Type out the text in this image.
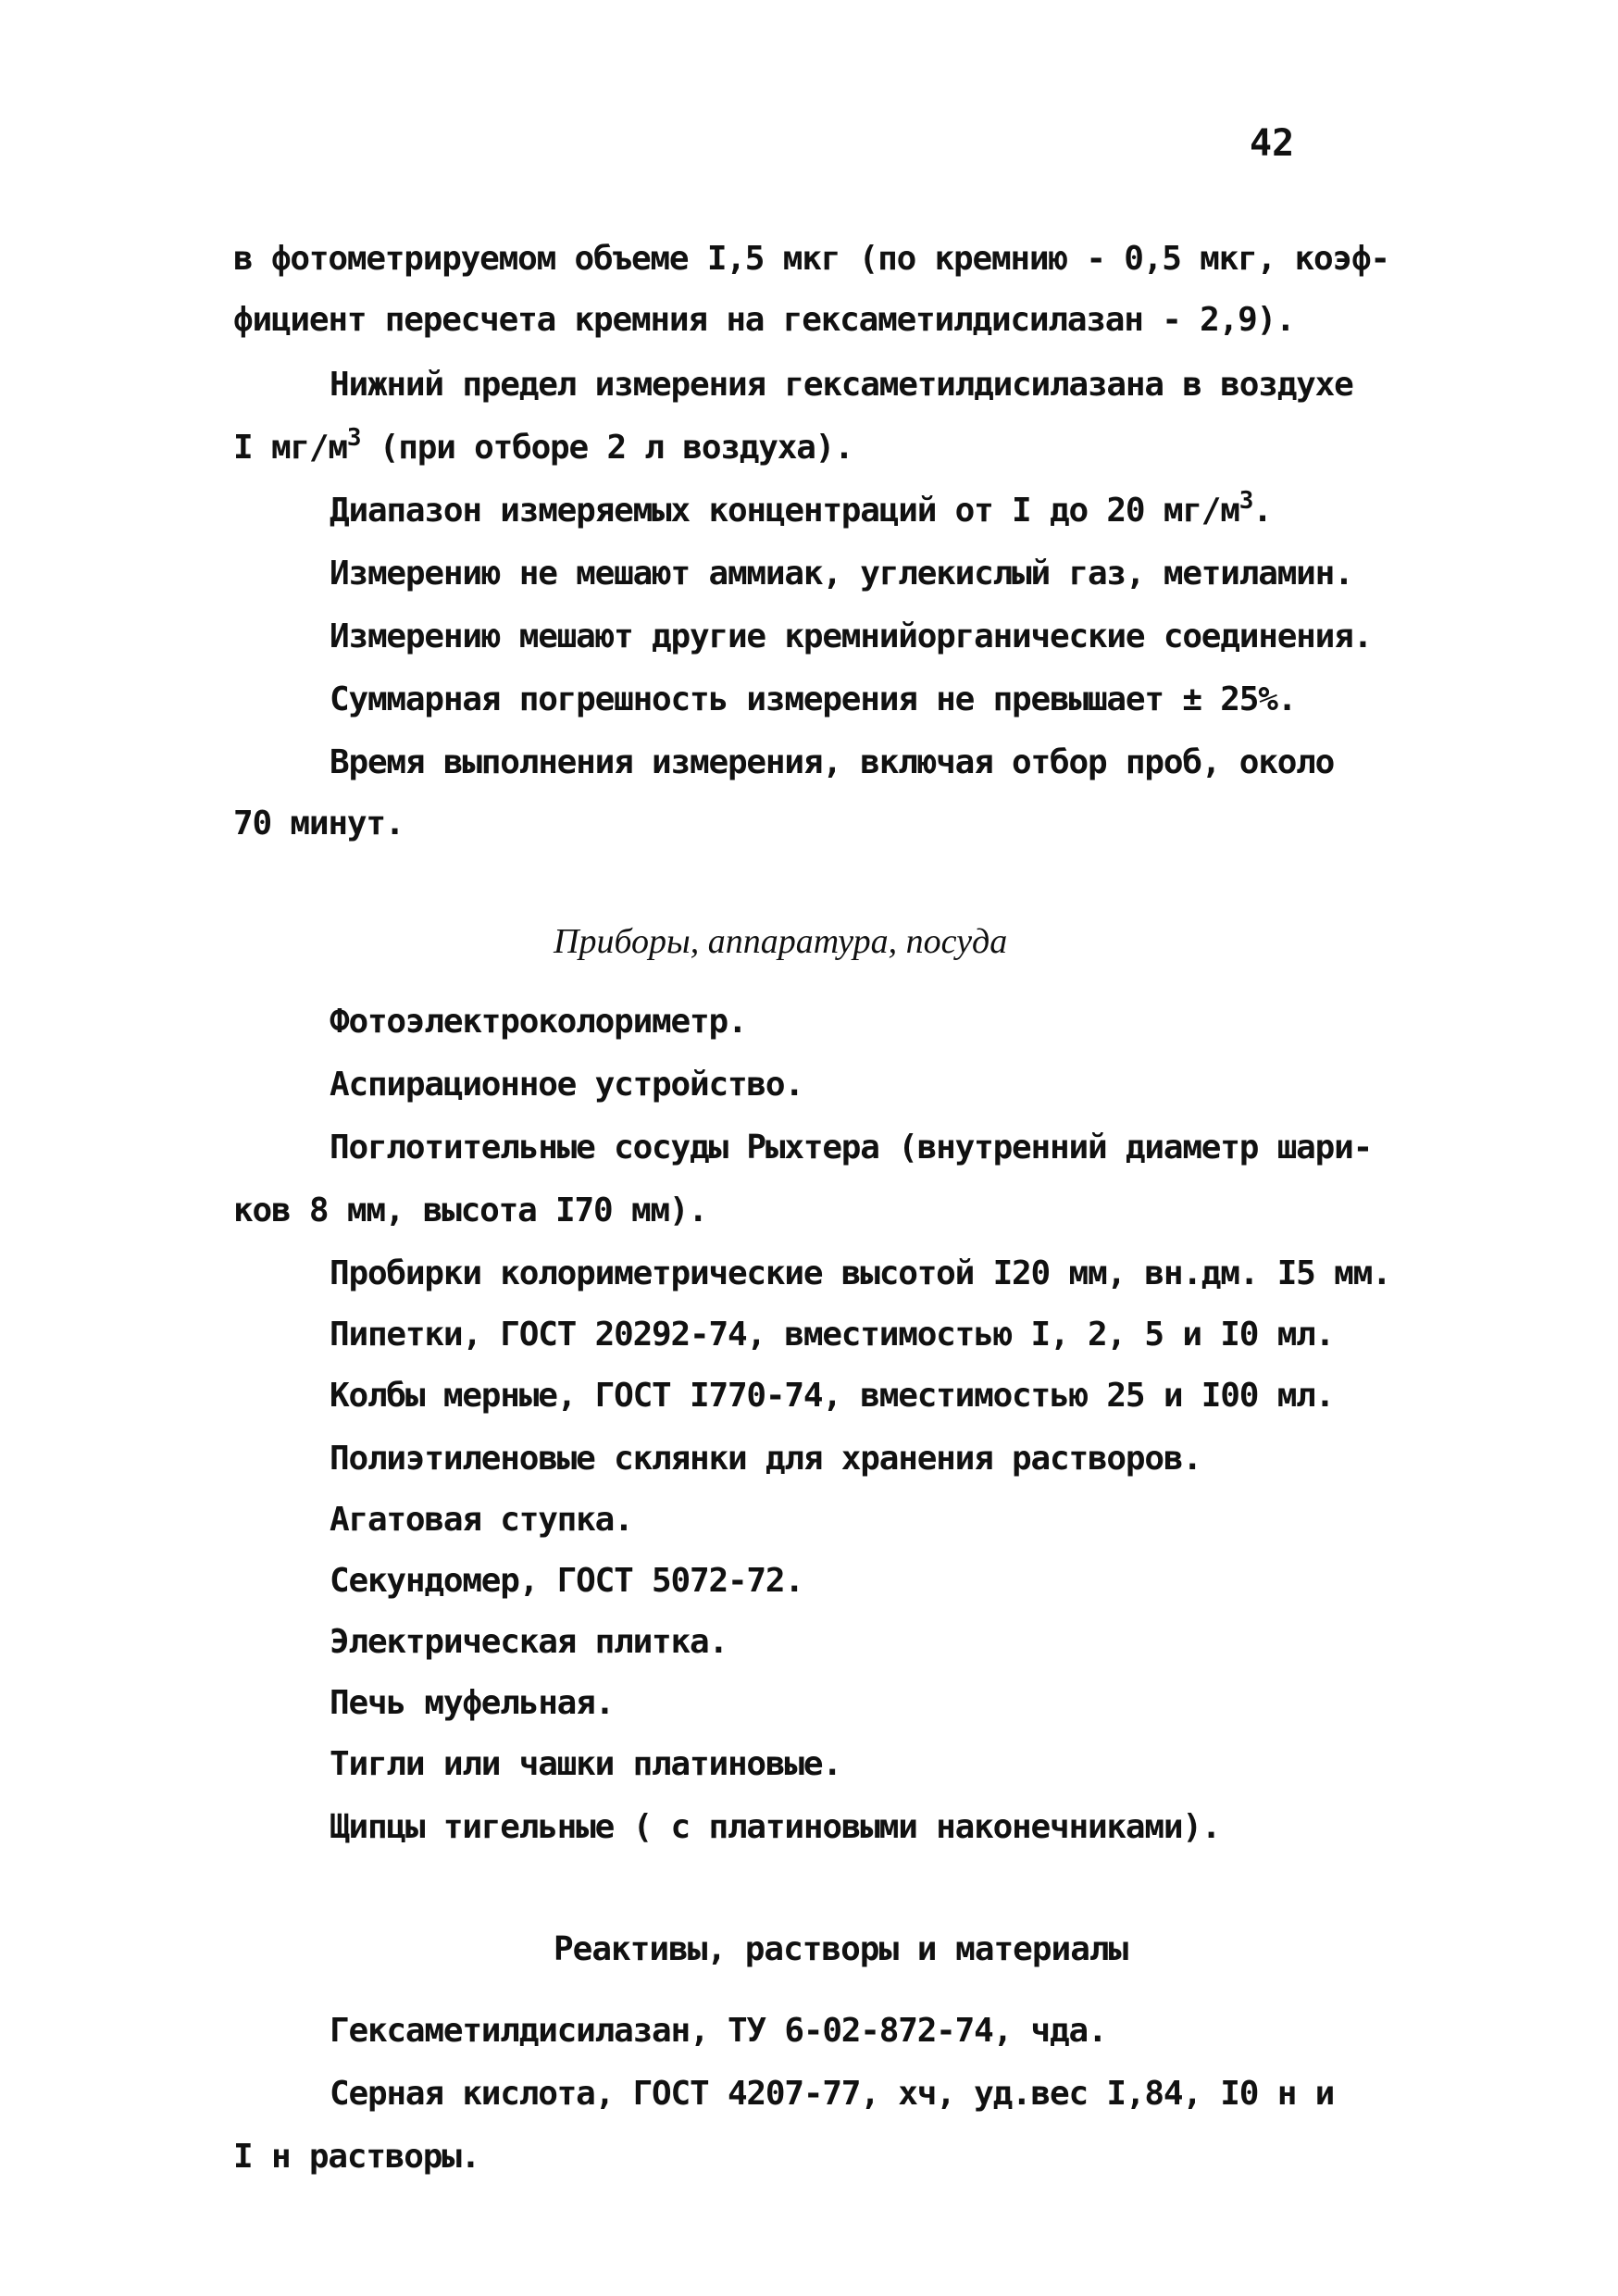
42
в фотометрируемом объеме I,5 мкг (по кремнию - 0,5 мкг, коэф-
фициент пересчета кремния на гексаметилдисилазан - 2,9).
Нижний предел измерения гексаметилдисилазана в воздухе
I $мг/м^3$ (при отборе 2 л воздуха).
Диапазон измеряемых концентраций от I до 20 $мг/м^3$.
Измерению не мешают аммиак, углекислый газ, метиламин.
Измерению мешают другие кремнийорганические соединения.
Суммарная погрешность измерения не превышает ± 25%.
Время выполнения измерения, включая отбор проб, около
70 минут.
Приборы, аппаратура, посуда
Фотоэлектроколориметр.
Аспирационное устройство.
Поглотительные сосуды Рыхтера (внутренний диаметр шари-
ков 8 мм, высота I70 мм).
Пробирки колориметрические высотой I20 мм, вн.дм. I5 мм.
Пипетки, ГОСТ 20292-74, вместимостью I, 2, 5 и I0 мл.
Колбы мерные, ГОСТ I770-74, вместимостью 25 и I00 мл.
Полиэтиленовые склянки для хранения растворов.
Агатовая ступка.
Секундомер, ГОСТ 5072-72.
Электрическая плитка.
Печь муфельная.
Тигли или чашки платиновые.
Щипцы тигельные ( с платиновыми наконечниками).
Реактивы, растворы и материалы
Гексаметилдисилазан, ТУ 6-02-872-74, чда.
Серная кислота, ГОСТ 4207-77, хч, уд.вес I,84, I0 н и
I н растворы.
